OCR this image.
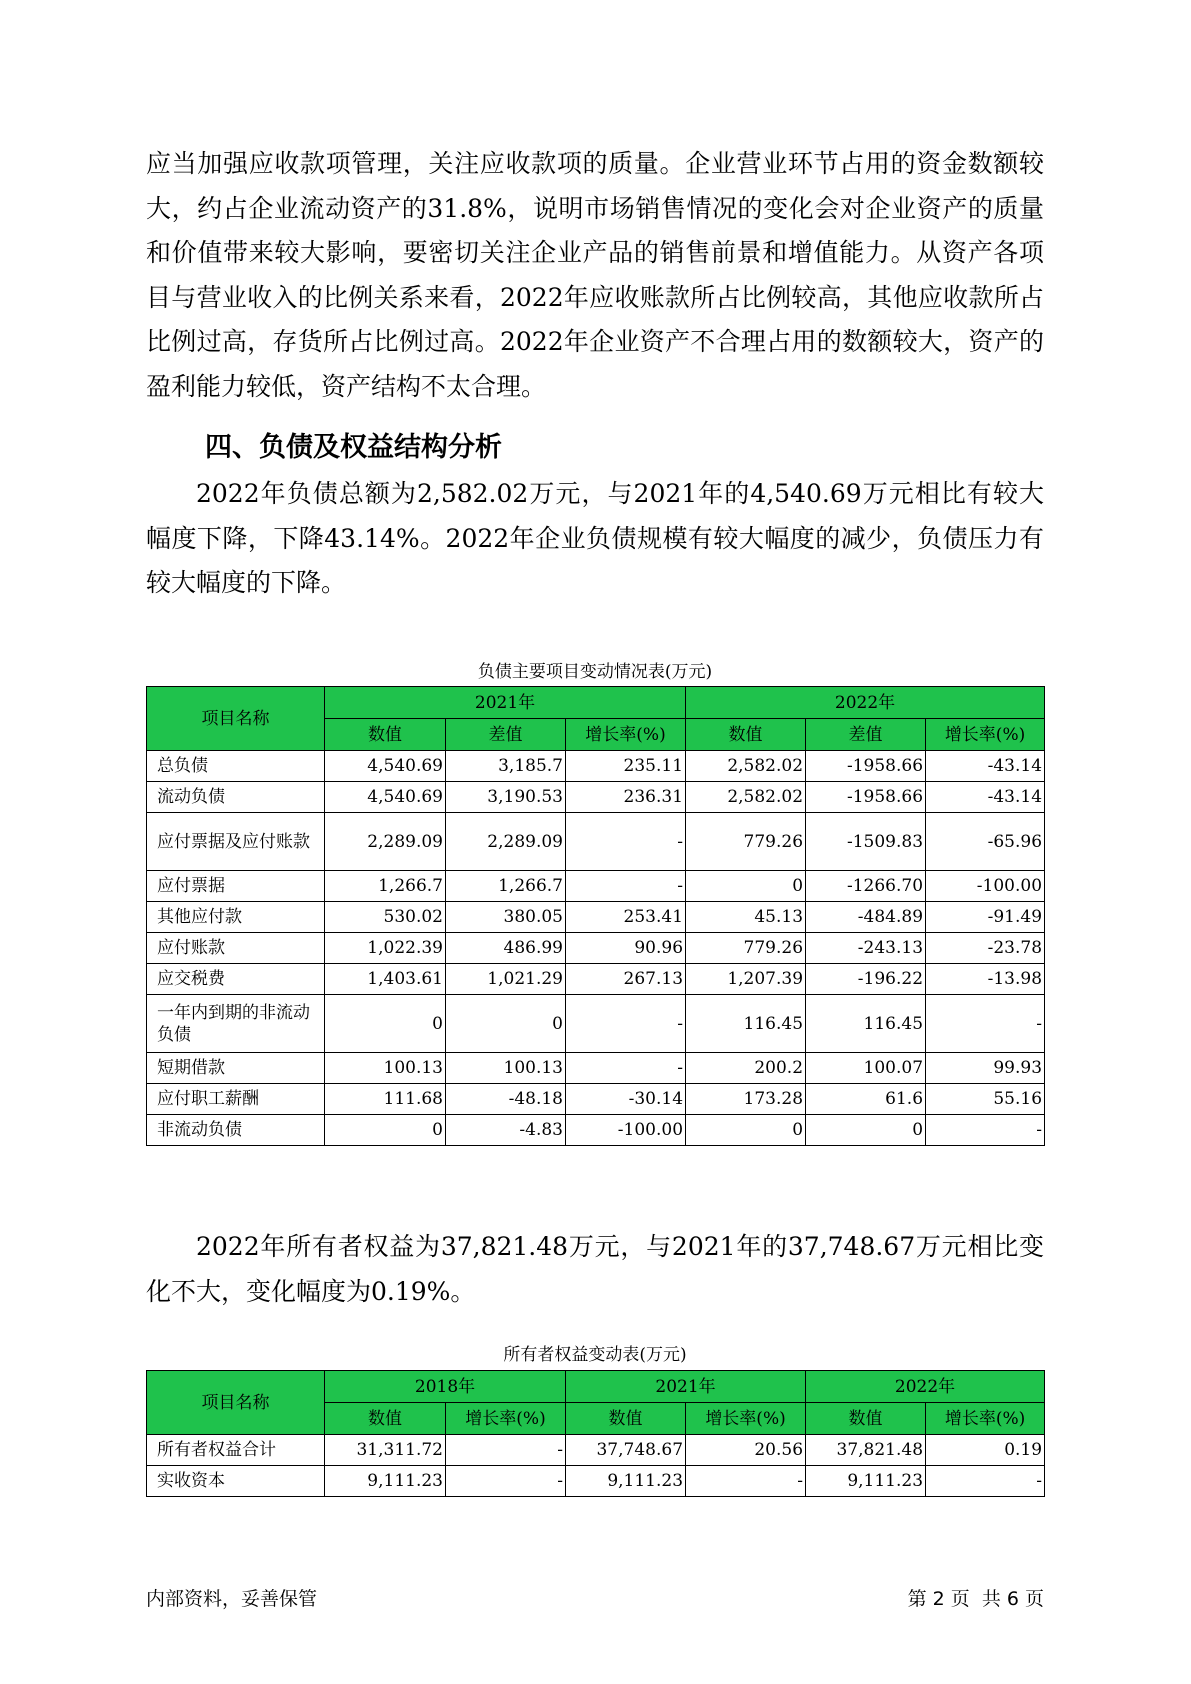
应当加强应收款项管理，关注应收款项的质量。企业营业环节占用的资金数额较大，约占企业流动资产的31.8%，说明市场销售情况的变化会对企业资产的质量和价值带来较大影响，要密切关注企业产品的销售前景和增值能力。从资产各项目与营业收入的比例关系来看，2022年应收账款所占比例较高，其他应收款所占比例过高，存货所占比例过高。2022年企业资产不合理占用的数额较大，资产的盈利能力较低，资产结构不太合理。

四、负债及权益结构分析

2022年负债总额为2,582.02万元，与2021年的4,540.69万元相比有较大幅度下降，下降43.14%。2022年企业负债规模有较大幅度的减少，负债压力有较大幅度的下降。

负债主要项目变动情况表(万元)

项目名称	2021年			2022年		
	数值	差值	增长率(%)	数值	差值	增长率(%)
总负债	4,540.69	3,185.7	235.11	2,582.02	-1958.66	-43.14
流动负债	4,540.69	3,190.53	236.31	2,582.02	-1958.66	-43.14
应付票据及应付账款	2,289.09	2,289.09	-	779.26	-1509.83	-65.96
应付票据	1,266.7	1,266.7	-	0	-1266.70	-100.00
其他应付款	530.02	380.05	253.41	45.13	-484.89	-91.49
应付账款	1,022.39	486.99	90.96	779.26	-243.13	-23.78
应交税费	1,403.61	1,021.29	267.13	1,207.39	-196.22	-13.98
一年内到期的非流动负债	0	0	-	116.45	116.45	-
短期借款	100.13	100.13	-	200.2	100.07	99.93
应付职工薪酬	111.68	-48.18	-30.14	173.28	61.6	55.16
非流动负债	0	-4.83	-100.00	0	0	-

2022年所有者权益为37,821.48万元，与2021年的37,748.67万元相比变化不大，变化幅度为0.19%。

所有者权益变动表(万元)

项目名称	2018年		2021年		2022年	
	数值	增长率(%)	数值	增长率(%)	数值	增长率(%)
所有者权益合计	31,311.72	-	37,748.67	20.56	37,821.48	0.19
实收资本	9,111.23	-	9,111.23	-	9,111.23	-
内部资料，妥善保管	第 2 页  共 6 页
